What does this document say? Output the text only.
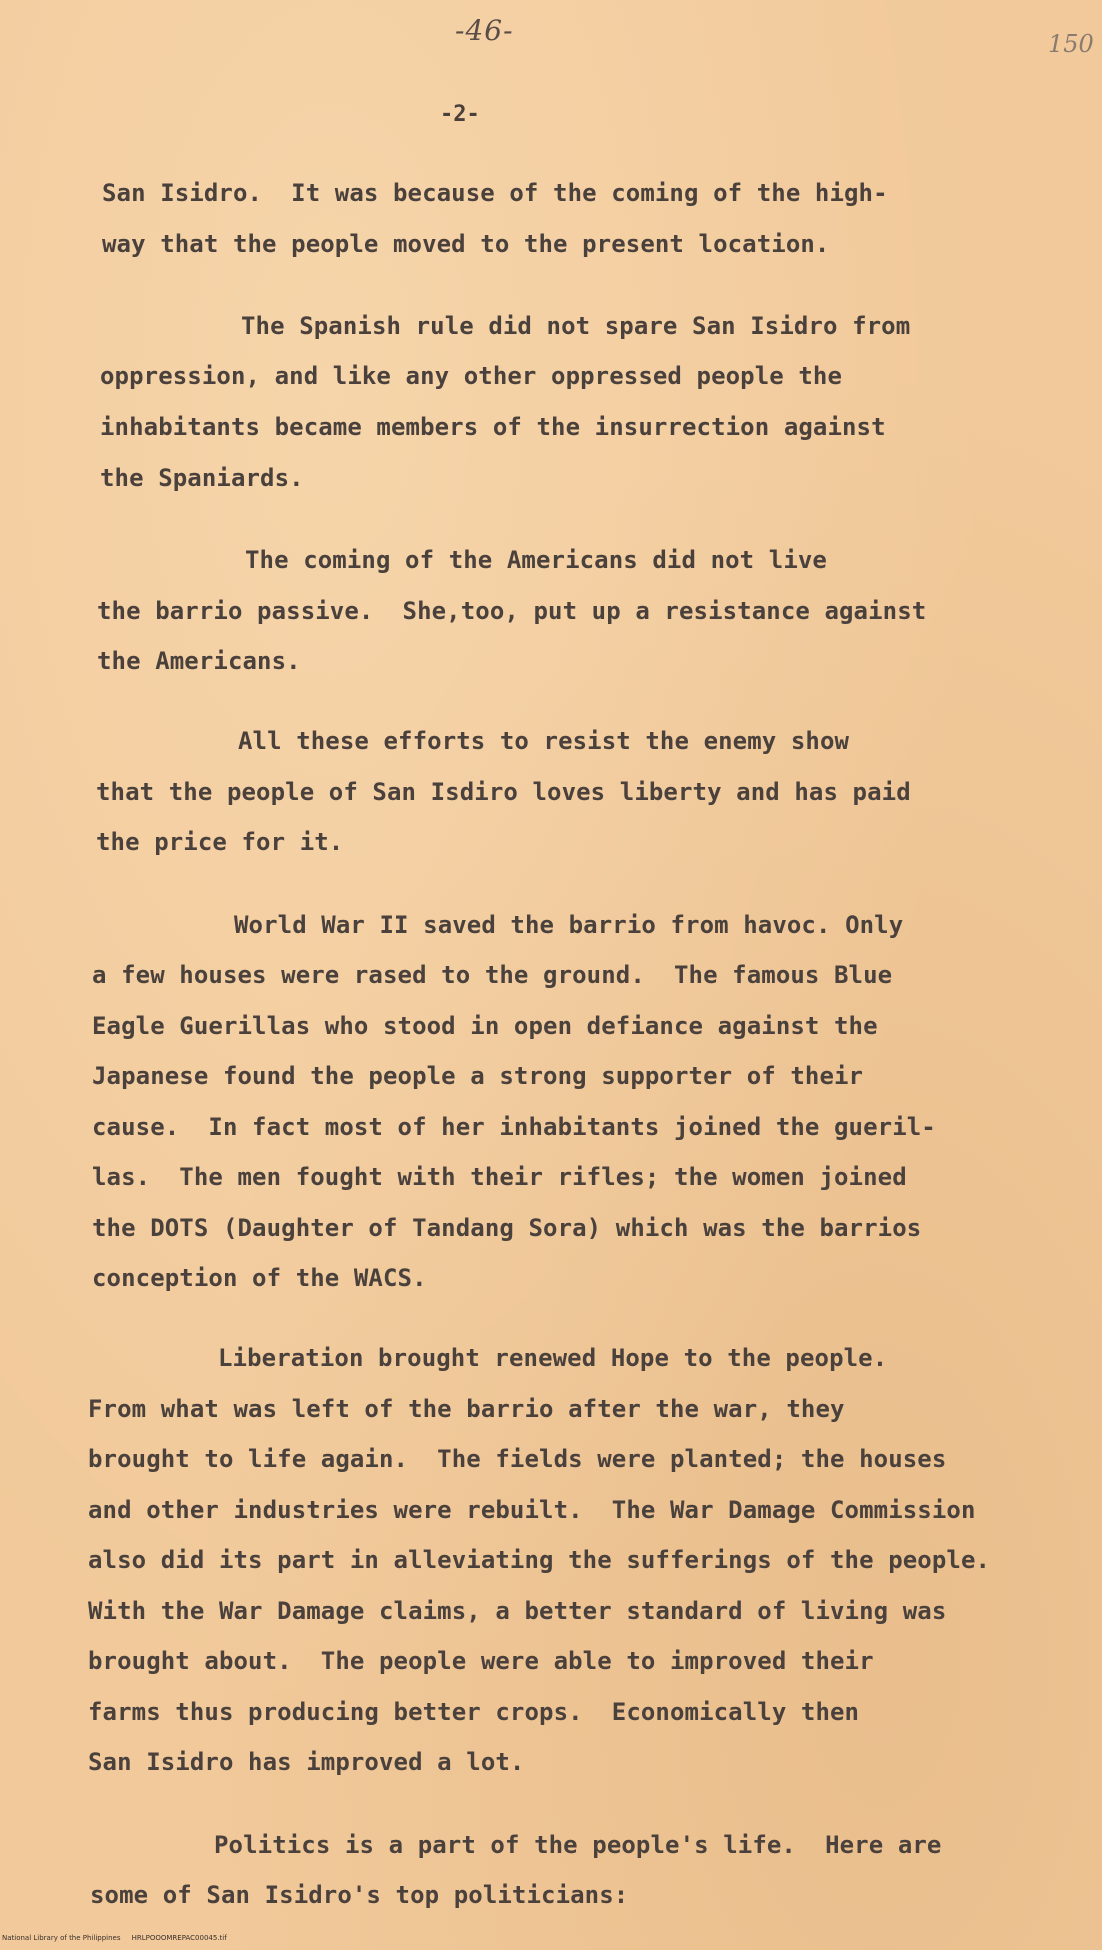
-46-	150
-2-
San Isidro.  It was because of the coming of the high-
way that the people moved to the present location.
The Spanish rule did not spare San Isidro from
oppression, and like any other oppressed people the
inhabitants became members of the insurrection against
the Spaniards.
The coming of the Americans did not live
the barrio passive.  She,too, put up a resistance against
the Americans.
All these efforts to resist the enemy show
that the people of San Isdiro loves liberty and has paid
the price for it.
World War II saved the barrio from havoc. Only
a few houses were rased to the ground.  The famous Blue
Eagle Guerillas who stood in open defiance against the
Japanese found the people a strong supporter of their
cause.  In fact most of her inhabitants joined the gueril-
las.  The men fought with their rifles; the women joined
the DOTS (Daughter of Tandang Sora) which was the barrios
conception of the WACS.
Liberation brought renewed Hope to the people.
From what was left of the barrio after the war, they
brought to life again.  The fields were planted; the houses
and other industries were rebuilt.  The War Damage Commission
also did its part in alleviating the sufferings of the people.
With the War Damage claims, a better standard of living was
brought about.  The people were able to improved their
farms thus producing better crops.  Economically then
San Isidro has improved a lot.
Politics is a part of the people's life.  Here are
some of San Isidro's top politicians:
National Library of the Philippines     HRLPOOOMREPAC00045.tif
